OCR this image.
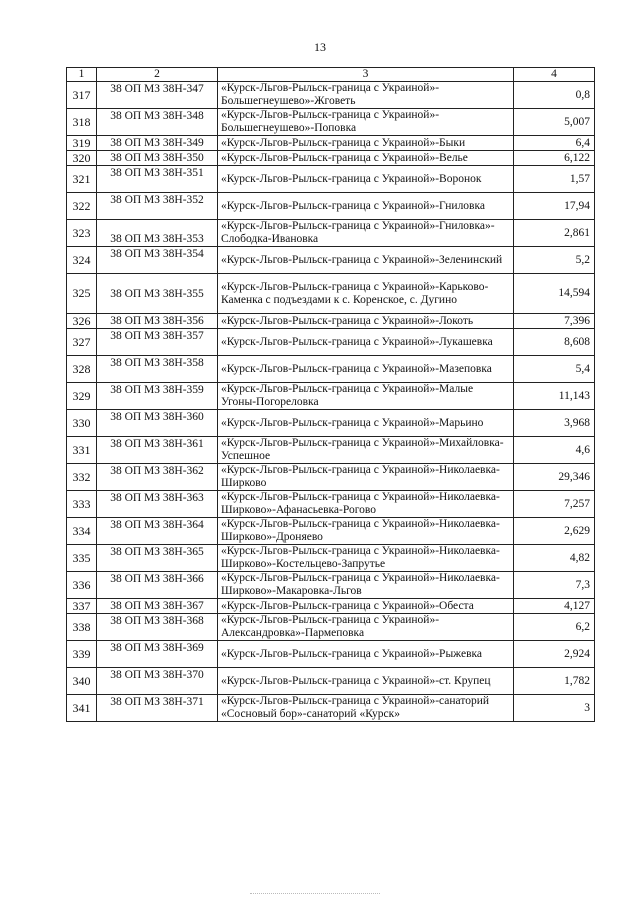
13
1	2	3	4
317	38 ОП МЗ 38Н-347	«Курск-Льгов-Рыльск-граница с Украиной»-Большегнеушево»-Жговеть	0,8
318	38 ОП МЗ 38Н-348	«Курск-Льгов-Рыльск-граница с Украиной»-Большегнеушево»-Поповка	5,007
319	38 ОП МЗ 38Н-349	«Курск-Льгов-Рыльск-граница с Украиной»-Быки	6,4
320	38 ОП МЗ 38Н-350	«Курск-Льгов-Рыльск-граница с Украиной»-Велье	6,122
321	38 ОП МЗ 38Н-351	«Курск-Льгов-Рыльск-граница с Украиной»-Воронок	1,57
322	38 ОП МЗ 38Н-352	«Курск-Льгов-Рыльск-граница с Украиной»-Гниловка	17,94
323	38 ОП МЗ 38Н-353	«Курск-Льгов-Рыльск-граница с Украиной»-Гниловка»-Слободка-Ивановка	2,861
324	38 ОП МЗ 38Н-354	«Курск-Льгов-Рыльск-граница с Украиной»-Зеленинский	5,2
325	38 ОП МЗ 38Н-355	«Курск-Льгов-Рыльск-граница с Украиной»-Карьково-Каменка с подъездами к с. Коренское, с. Дугино	14,594
326	38 ОП МЗ 38Н-356	«Курск-Льгов-Рыльск-граница с Украиной»-Локоть	7,396
327	38 ОП МЗ 38Н-357	«Курск-Льгов-Рыльск-граница с Украиной»-Лукашевка	8,608
328	38 ОП МЗ 38Н-358	«Курск-Льгов-Рыльск-граница с Украиной»-Мазеповка	5,4
329	38 ОП МЗ 38Н-359	«Курск-Льгов-Рыльск-граница с Украиной»-Малые Угоны-Погореловка	11,143
330	38 ОП МЗ 38Н-360	«Курск-Льгов-Рыльск-граница с Украиной»-Марьино	3,968
331	38 ОП МЗ 38Н-361	«Курск-Льгов-Рыльск-граница с Украиной»-Михайловка-Успешное	4,6
332	38 ОП МЗ 38Н-362	«Курск-Льгов-Рыльск-граница с Украиной»-Николаевка-Ширково	29,346
333	38 ОП МЗ 38Н-363	«Курск-Льгов-Рыльск-граница с Украиной»-Николаевка-Ширково»-Афанасьевка-Рогово	7,257
334	38 ОП МЗ 38Н-364	«Курск-Льгов-Рыльск-граница с Украиной»-Николаевка-Ширково»-Дроняево	2,629
335	38 ОП МЗ 38Н-365	«Курск-Льгов-Рыльск-граница с Украиной»-Николаевка-Ширково»-Костельцево-Запрутье	4,82
336	38 ОП МЗ 38Н-366	«Курск-Льгов-Рыльск-граница с Украиной»-Николаевка-Ширково»-Макаровка-Льгов	7,3
337	38 ОП МЗ 38Н-367	«Курск-Льгов-Рыльск-граница с Украиной»-Обеста	4,127
338	38 ОП МЗ 38Н-368	«Курск-Льгов-Рыльск-граница с Украиной»-Александровка»-Пармеповка	6,2
339	38 ОП МЗ 38Н-369	«Курск-Льгов-Рыльск-граница с Украиной»-Рыжевка	2,924
340	38 ОП МЗ 38Н-370	«Курск-Льгов-Рыльск-граница с Украиной»-ст. Крупец	1,782
341	38 ОП МЗ 38Н-371	«Курск-Льгов-Рыльск-граница с Украиной»-санаторий «Сосновый бор»-санаторий «Курск»	3
